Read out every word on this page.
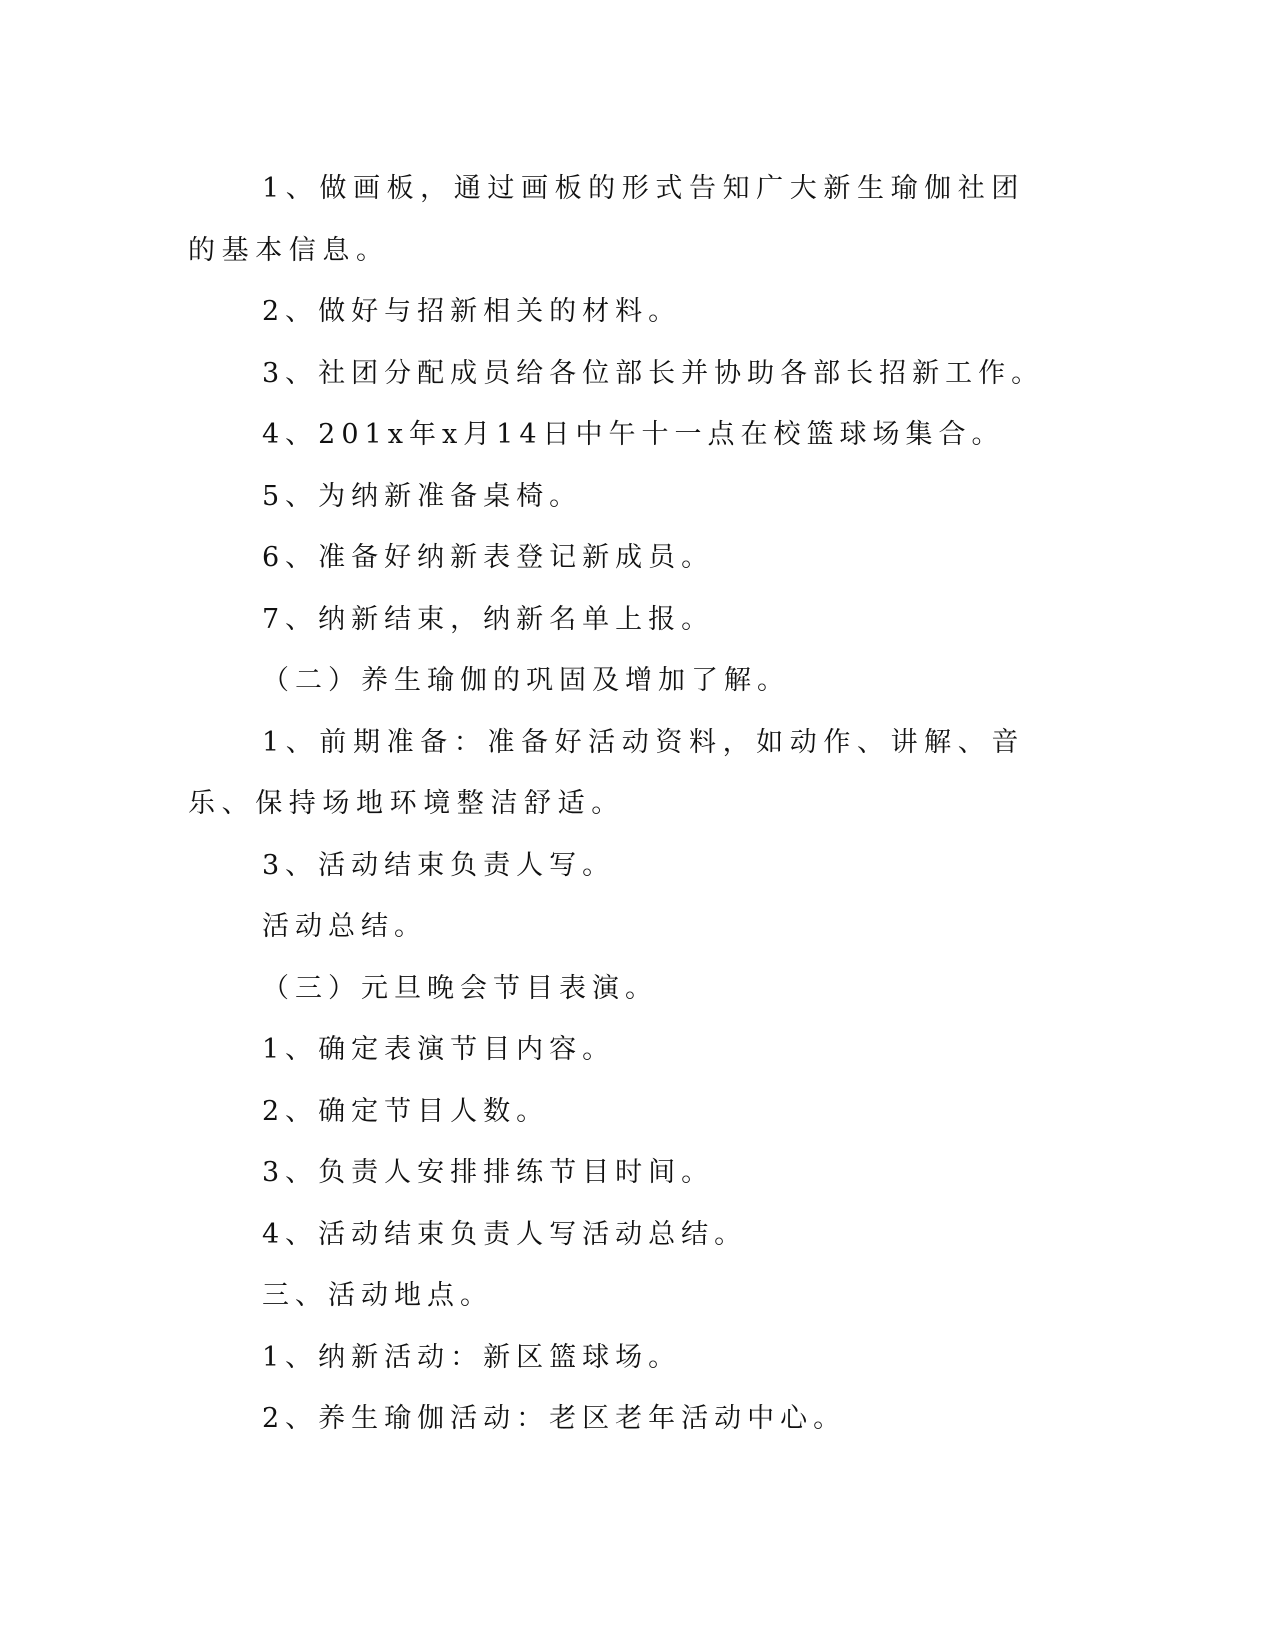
1、做画板，通过画板的形式告知广大新生瑜伽社团的基本信息。

2、做好与招新相关的材料。

3、社团分配成员给各位部长并协助各部长招新工作。

4、201x年x月14日中午十一点在校篮球场集合。

5、为纳新准备桌椅。

6、准备好纳新表登记新成员。

7、纳新结束，纳新名单上报。

（二）养生瑜伽的巩固及增加了解。

1、前期准备：准备好活动资料，如动作、讲解、音乐、保持场地环境整洁舒适。

3、活动结束负责人写。

活动总结。

（三）元旦晚会节目表演。

1、确定表演节目内容。

2、确定节目人数。

3、负责人安排排练节目时间。

4、活动结束负责人写活动总结。

三、活动地点。

1、纳新活动：新区篮球场。

2、养生瑜伽活动：老区老年活动中心。
